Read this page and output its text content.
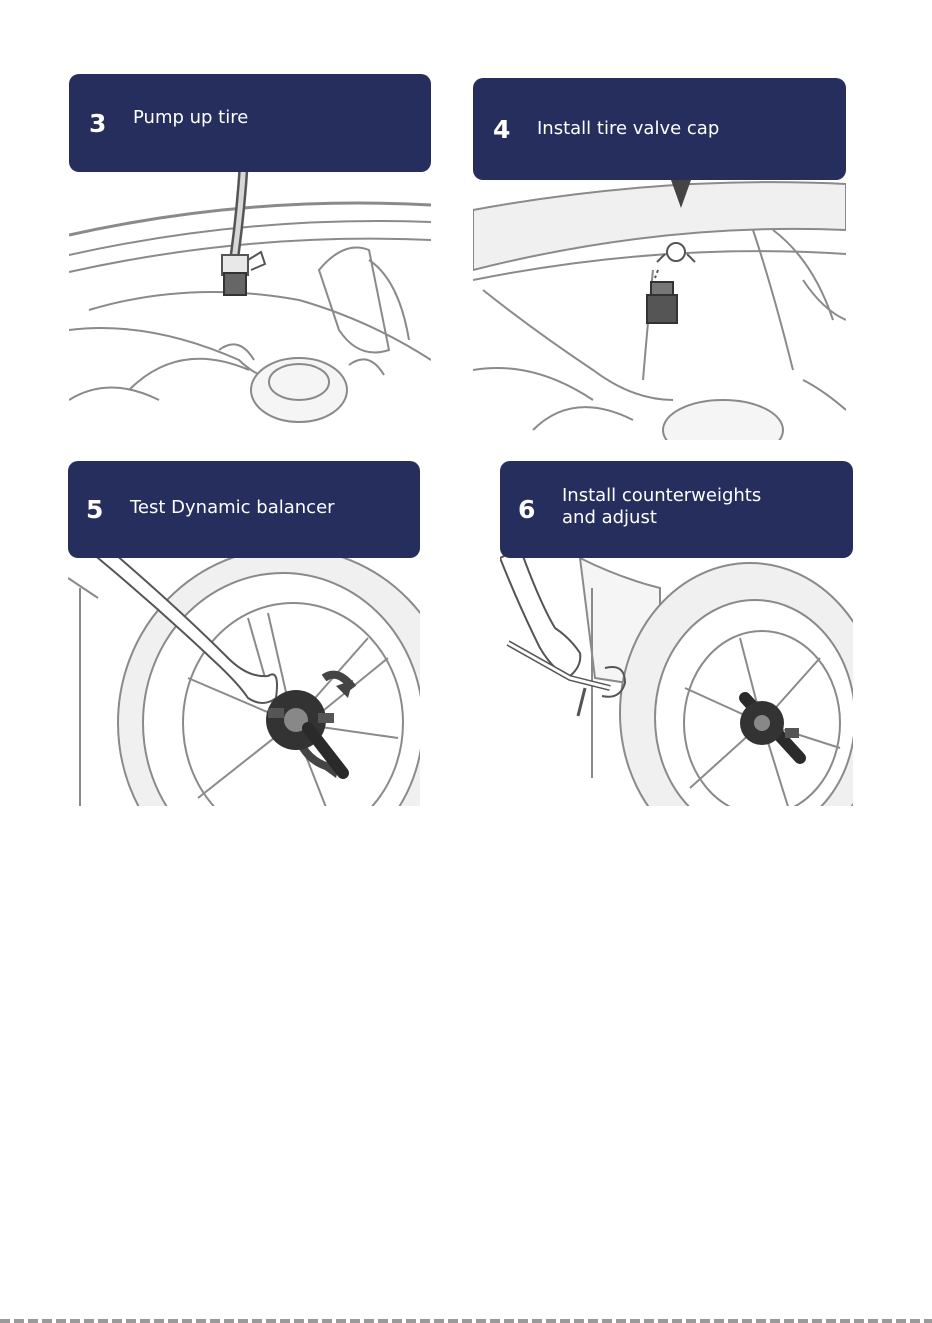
3	Pump up tire	4	Install tire valve cap
5	Test Dynamic balancer	6	Install counterweights
and adjust
